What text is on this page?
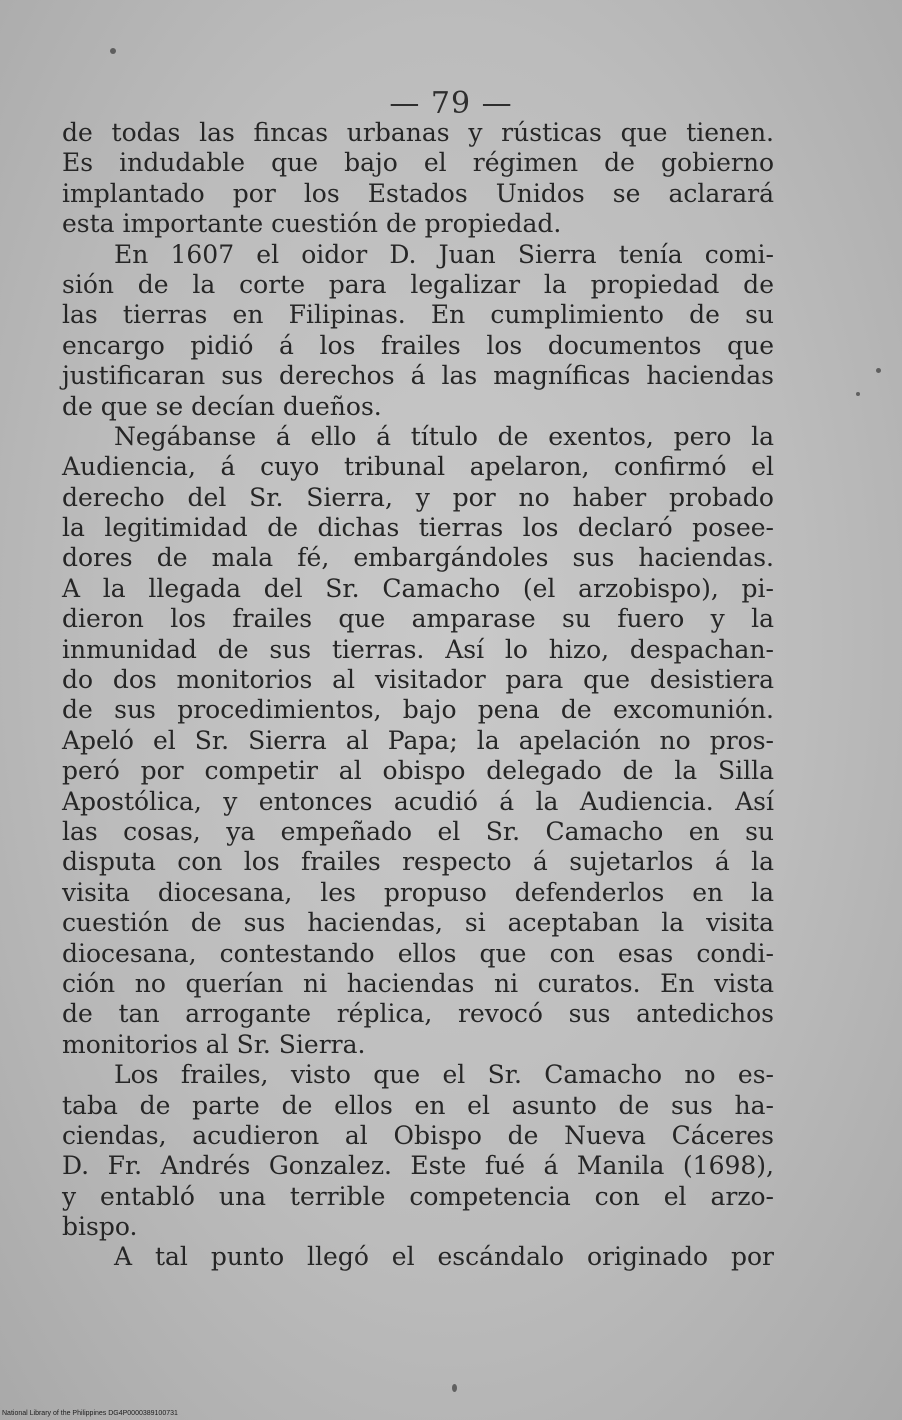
— 79 —
de todas las fincas urbanas y rústicas que tienen.
Es indudable que bajo el régimen de gobierno
implantado por los Estados Unidos se aclarará
esta importante cuestión de propiedad.
En 1607 el oidor D. Juan Sierra tenía comi-
sión de la corte para legalizar la propiedad de
las tierras en Filipinas. En cumplimiento de su
encargo pidió á los frailes los documentos que
justificaran sus derechos á las magníficas haciendas
de que se decían dueños.
Negábanse á ello á título de exentos, pero la
Audiencia, á cuyo tribunal apelaron, confirmó el
derecho del Sr. Sierra, y por no haber probado
la legitimidad de dichas tierras los declaró posee-
dores de mala fé, embargándoles sus haciendas.
A la llegada del Sr. Camacho (el arzobispo), pi-
dieron los frailes que amparase su fuero y la
inmunidad de sus tierras. Así lo hizo, despachan-
do dos monitorios al visitador para que desistiera
de sus procedimientos, bajo pena de excomunión.
Apeló el Sr. Sierra al Papa; la apelación no pros-
peró por competir al obispo delegado de la Silla
Apostólica, y entonces acudió á la Audiencia. Así
las cosas, ya empeñado el Sr. Camacho en su
disputa con los frailes respecto á sujetarlos á la
visita diocesana, les propuso defenderlos en la
cuestión de sus haciendas, si aceptaban la visita
diocesana, contestando ellos que con esas condi-
ción no querían ni haciendas ni curatos. En vista
de tan arrogante réplica, revocó sus antedichos
monitorios al Sr. Sierra.
Los frailes, visto que el Sr. Camacho no es-
taba de parte de ellos en el asunto de sus ha-
ciendas, acudieron al Obispo de Nueva Cáceres
D. Fr. Andrés Gonzalez. Este fué á Manila (1698),
y entabló una terrible competencia con el arzo-
bispo.
A tal punto llegó el escándalo originado por
National Library of the Philippines DG4P0000389100731
